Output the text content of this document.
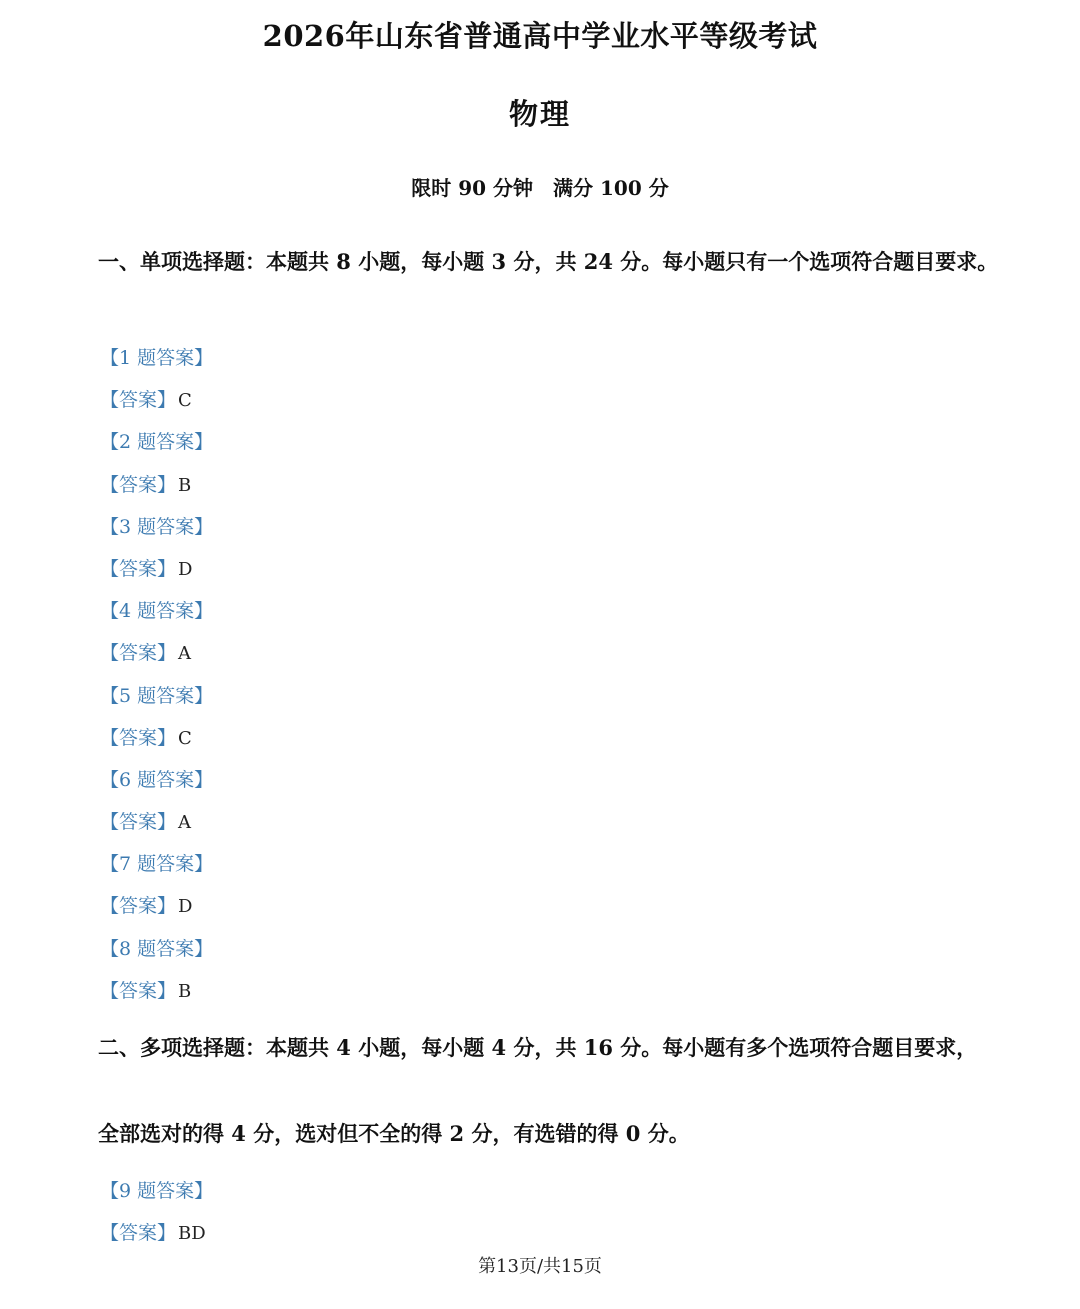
2026年山东省普通高中学业水平等级考试
物理
限时 90 分钟　满分 100 分
一、单项选择题：本题共 8 小题，每小题 3 分，共 24 分。每小题只有一个选项符合题目要求。
【1 题答案】
【答案】 C
【2 题答案】
【答案】 B
【3 题答案】
【答案】 D
【4 题答案】
【答案】 A
【5 题答案】
【答案】 C
【6 题答案】
【答案】 A
【7 题答案】
【答案】 D
【8 题答案】
【答案】 B
二、多项选择题：本题共 4 小题，每小题 4 分，共 16 分。每小题有多个选项符合题目要求，
全部选对的得 4 分，选对但不全的得 2 分，有选错的得 0 分。
【9 题答案】
【答案】 BD
第13页/共15页
